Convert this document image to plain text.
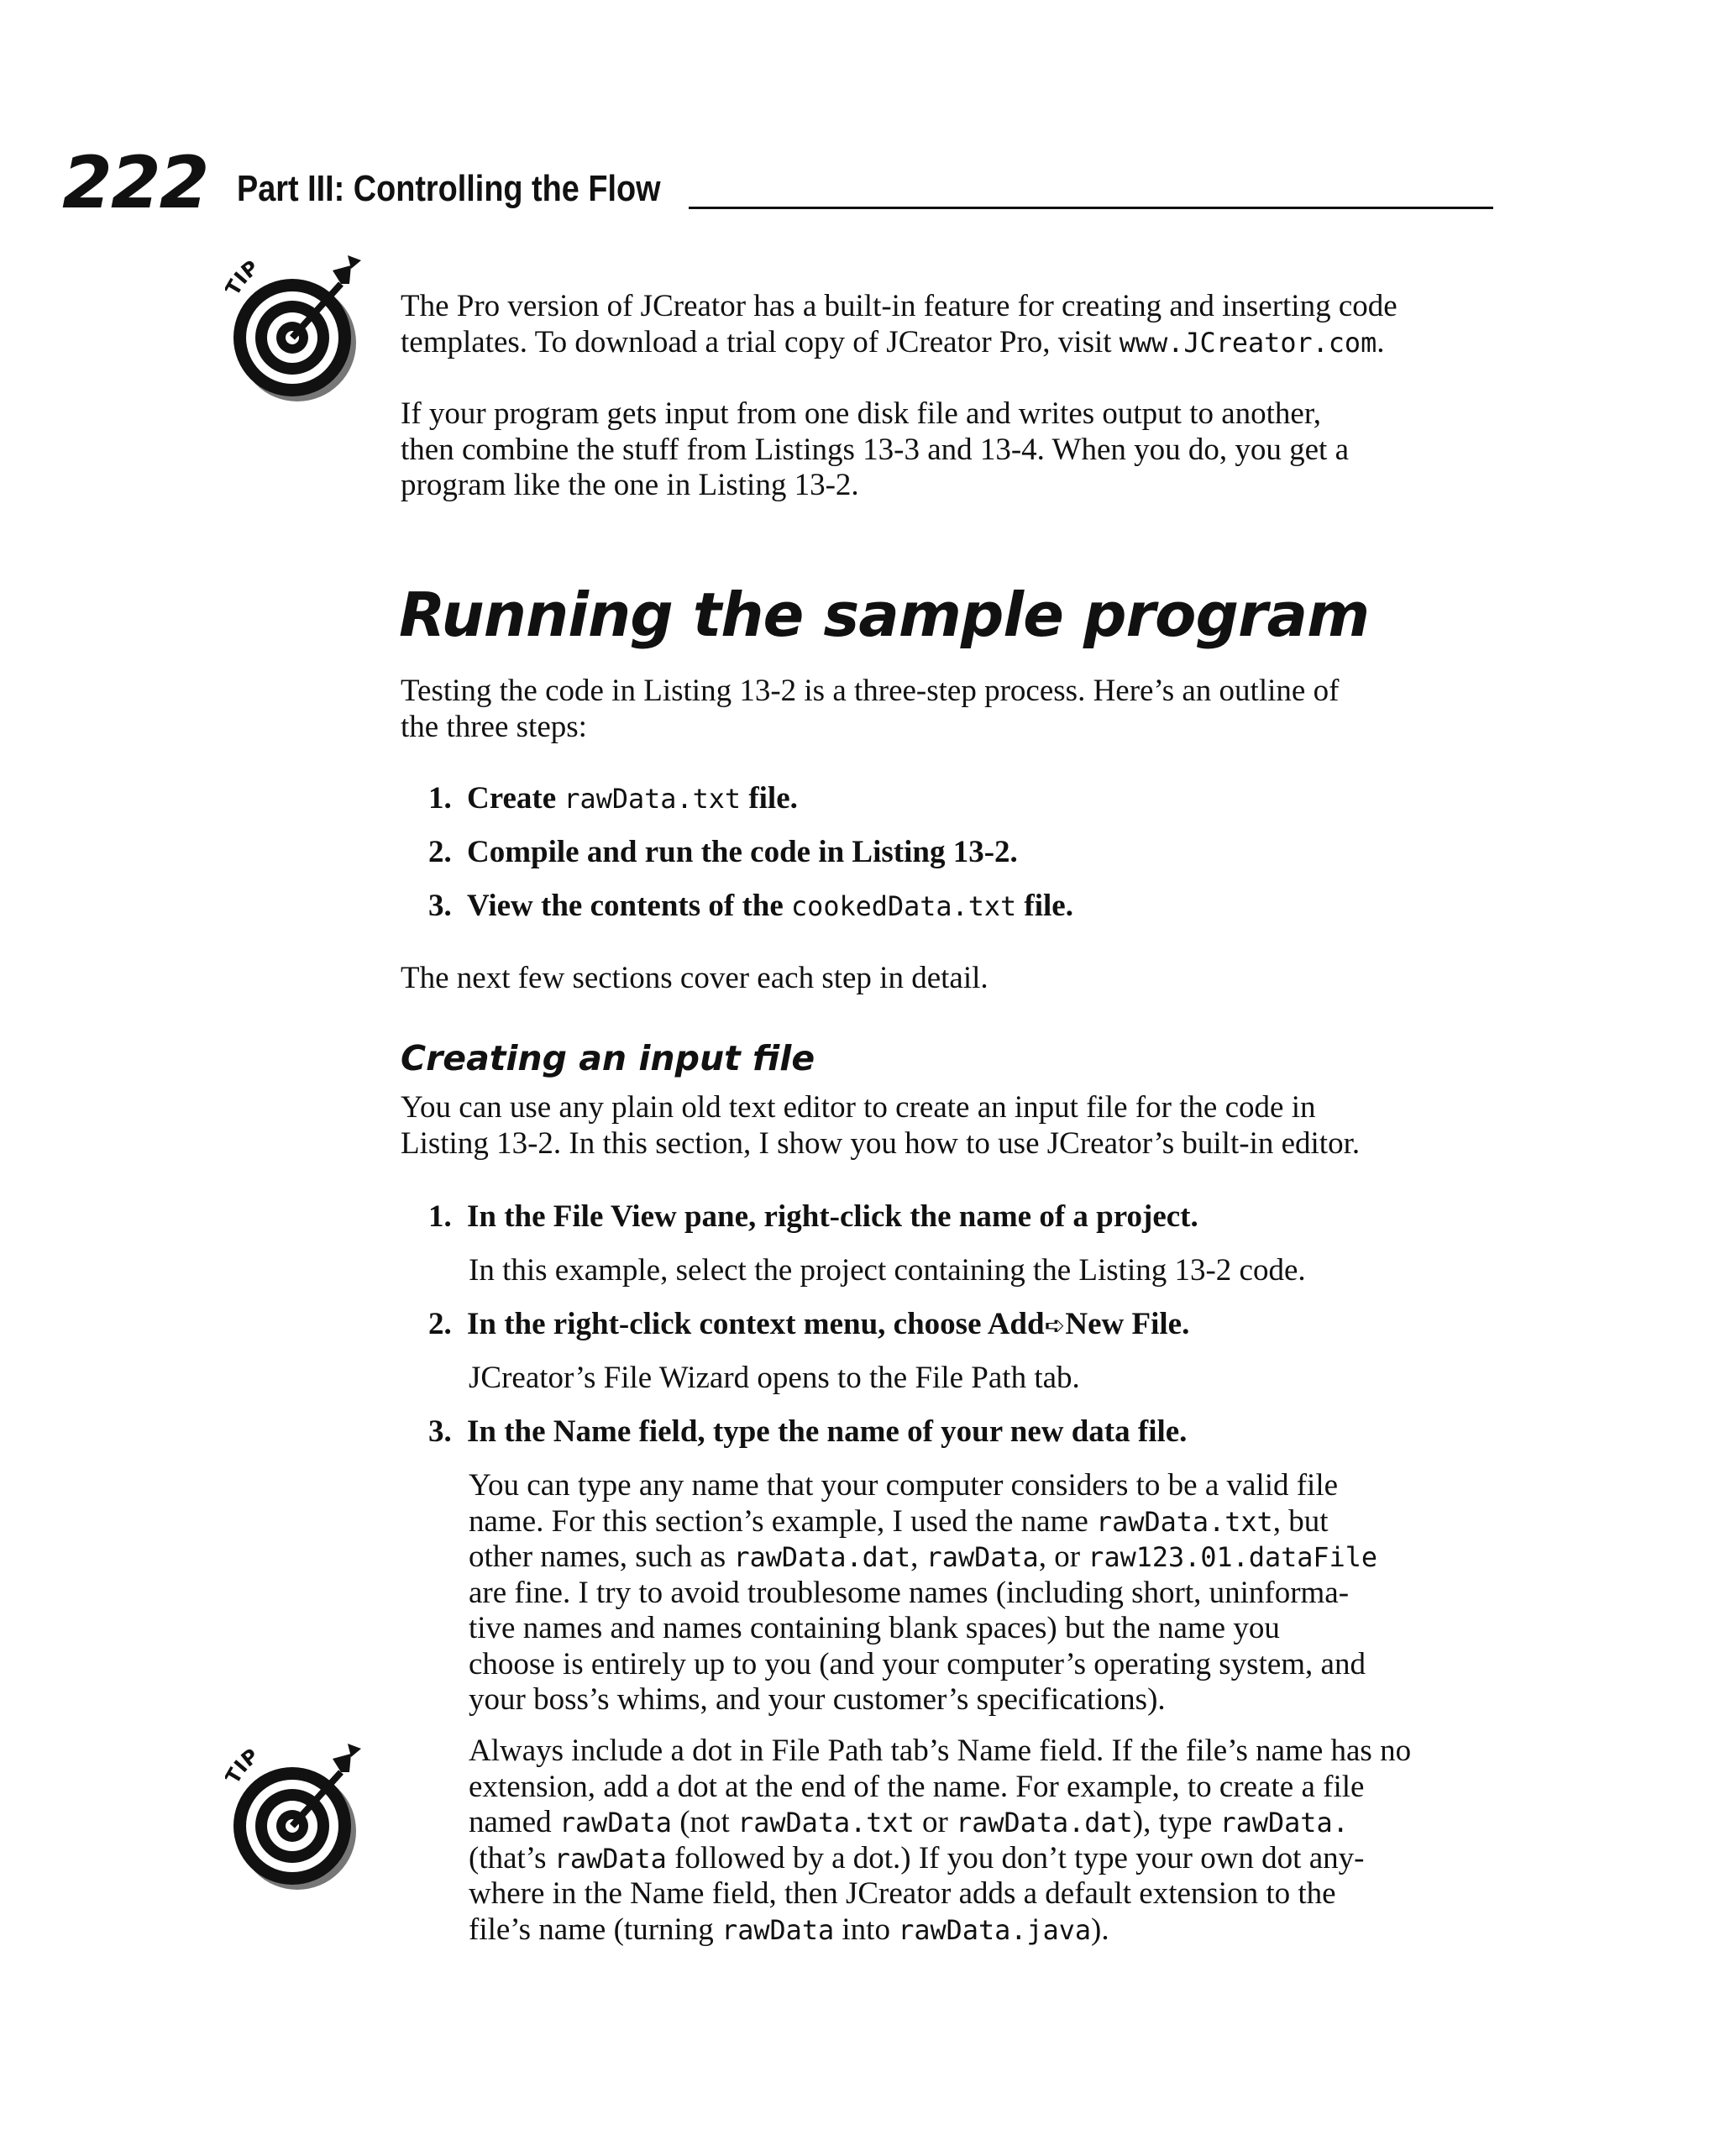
222 Part III: Controlling the Flow
IP
The Pro version of JCreator has a built-in feature for creating and inserting code
templates. To download a trial copy of JCreator Pro, visit www.JCreator.com.
If your program gets input from one disk file and writes output to another,
then combine the stuff from Listings 13-3 and 13-4. When you do, you get a
program like the one in Listing 13-2.
Running the sample program
Testing the code in Listing 13-2 is a three-step process. Here’s an outline of
the three steps:
1. Create rawData.txt file.
2. Compile and run the code in Listing 13-2.
3. View the contents of the cookedData.txt file.
The next few sections cover each step in detail.
Creating an input file
You can use any plain old text editor to create an input file for the code in
Listing 13-2. In this section, I show you how to use JCreator’s built-in editor.
1. In the File View pane, right-click the name of a project.
In this example, select the project containing the Listing 13-2 code.
2. In the right-click context menu, choose Add➪New File.
JCreator’s File Wizard opens to the File Path tab.
3. In the Name field, type the name of your new data file.
You can type any name that your computer considers to be a valid file
name. For this section’s example, I used the name rawData.txt, but
other names, such as rawData.dat, rawData, or raw123.01.dataFile
are fine. I try to avoid troublesome names (including short, uninforma-
tive names and names containing blank spaces) but the name you
choose is entirely up to you (and your computer’s operating system, and
your boss’s whims, and your customer’s specifications).
IP	Always include a dot in File Path tab’s Name field. If the file’s name has no
extension, add a dot at the end of the name. For example, to create a file
named rawData (not rawData.txt or rawData.dat), type rawData.
(that’s rawData followed by a dot.) If you don’t type your own dot any-
where in the Name field, then JCreator adds a default extension to the
file’s name (turning rawData into rawData.java).
